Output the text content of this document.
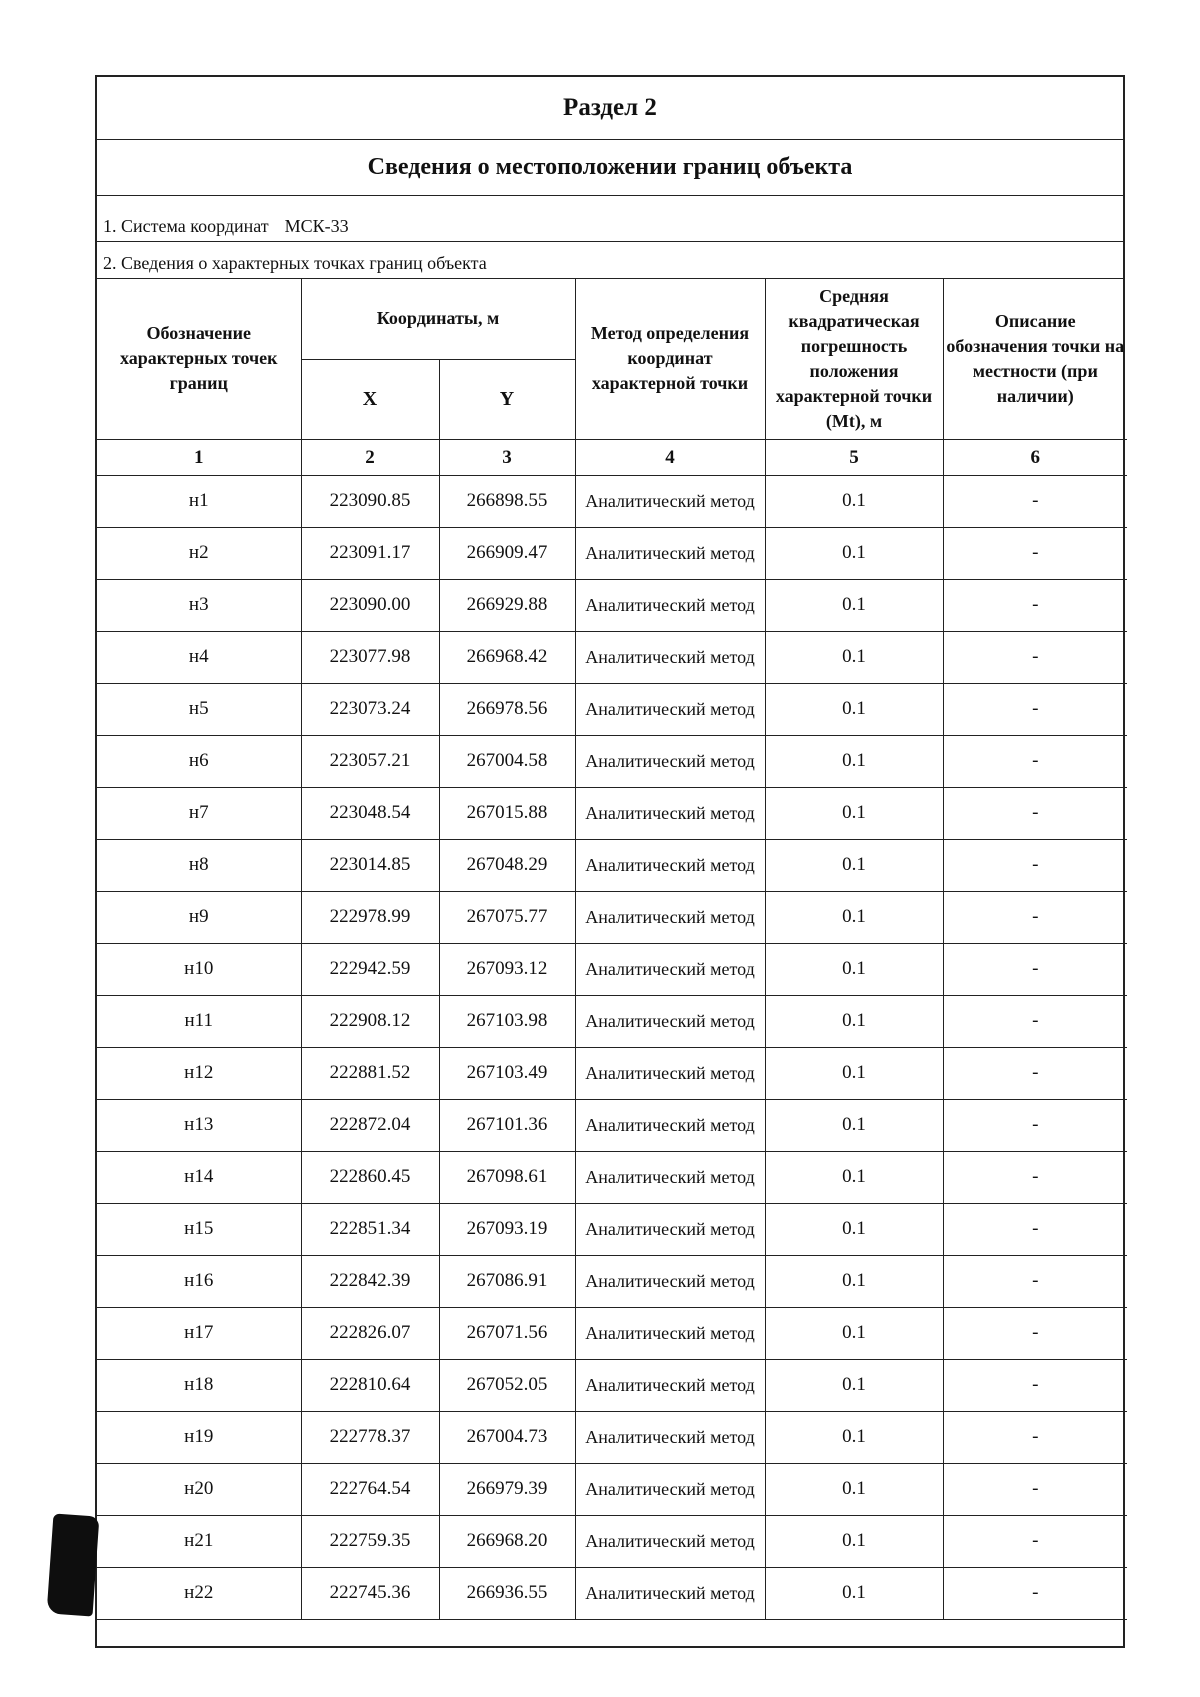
Раздел 2
Сведения о местоположении границ объекта
1. Система координат МСК-33
2. Сведения о характерных точках границ объекта
Обозначение характерных точек границ	Координаты, м		Метод определения координат характерной точки	Средняя квадратическая погрешность положения характерной точки (Mt), м	Описание обозначения точки на местности (при наличии)
	X	Y			
1	2	3	4	5	6
н1	223090.85	266898.55	Аналитический метод	0.1	-
н2	223091.17	266909.47	Аналитический метод	0.1	-
н3	223090.00	266929.88	Аналитический метод	0.1	-
н4	223077.98	266968.42	Аналитический метод	0.1	-
н5	223073.24	266978.56	Аналитический метод	0.1	-
н6	223057.21	267004.58	Аналитический метод	0.1	-
н7	223048.54	267015.88	Аналитический метод	0.1	-
н8	223014.85	267048.29	Аналитический метод	0.1	-
н9	222978.99	267075.77	Аналитический метод	0.1	-
н10	222942.59	267093.12	Аналитический метод	0.1	-
н11	222908.12	267103.98	Аналитический метод	0.1	-
н12	222881.52	267103.49	Аналитический метод	0.1	-
н13	222872.04	267101.36	Аналитический метод	0.1	-
н14	222860.45	267098.61	Аналитический метод	0.1	-
н15	222851.34	267093.19	Аналитический метод	0.1	-
н16	222842.39	267086.91	Аналитический метод	0.1	-
н17	222826.07	267071.56	Аналитический метод	0.1	-
н18	222810.64	267052.05	Аналитический метод	0.1	-
н19	222778.37	267004.73	Аналитический метод	0.1	-
н20	222764.54	266979.39	Аналитический метод	0.1	-
н21	222759.35	266968.20	Аналитический метод	0.1	-
н22	222745.36	266936.55	Аналитический метод	0.1	-
